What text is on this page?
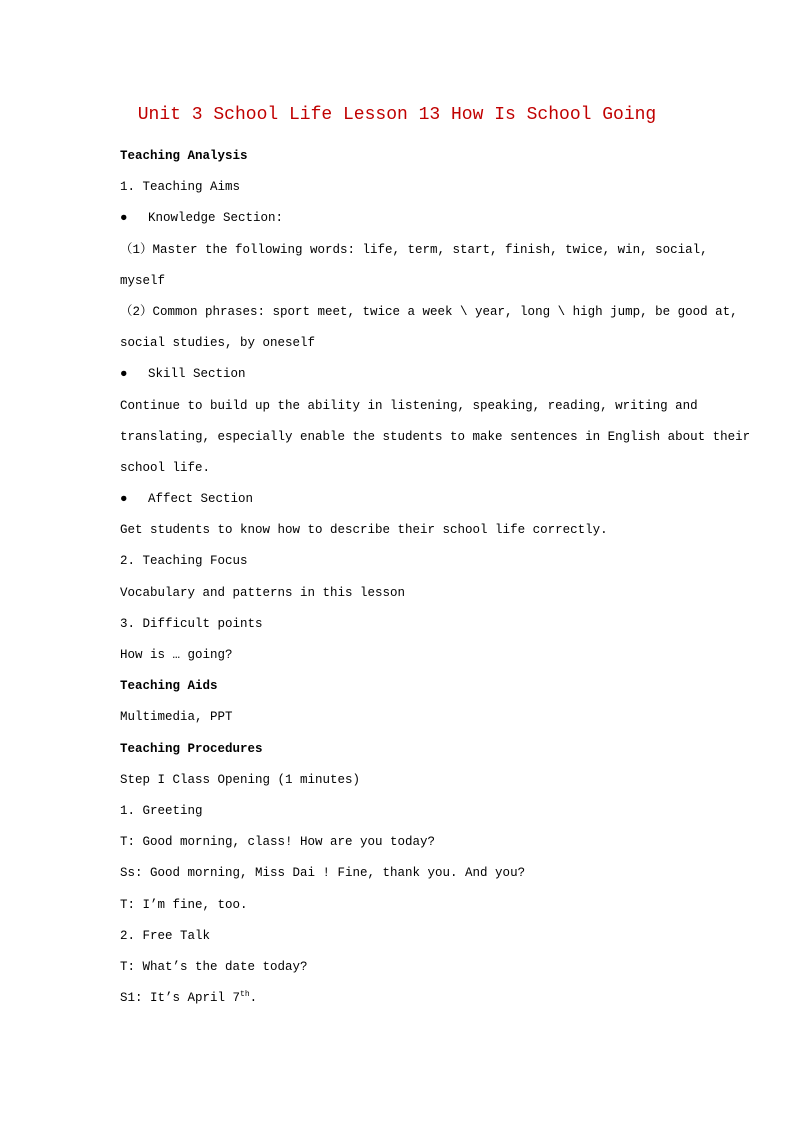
Unit 3 School Life Lesson 13 How Is School Going
Teaching Analysis
1. Teaching Aims
● Knowledge Section:
（1）Master the following words: life, term, start, finish, twice, win, social,
myself
（2）Common phrases: sport meet, twice a week \ year, long \ high jump, be good at,
social studies, by oneself
● Skill Section
Continue to build up the ability in listening, speaking, reading, writing and
translating, especially enable the students to make sentences in English about their
school life.
● Affect Section
Get students to know how to describe their school life correctly.
2. Teaching Focus
Vocabulary and patterns in this lesson
3. Difficult points
How is … going?
Teaching Aids
Multimedia, PPT
Teaching Procedures
Step I Class Opening (1 minutes)
1. Greeting
T: Good morning, class! How are you today?
Ss: Good morning, Miss Dai ! Fine, thank you. And you?
T: I’m fine, too.
2. Free Talk
T: What’s the date today?
S1: It’s April 7th.
